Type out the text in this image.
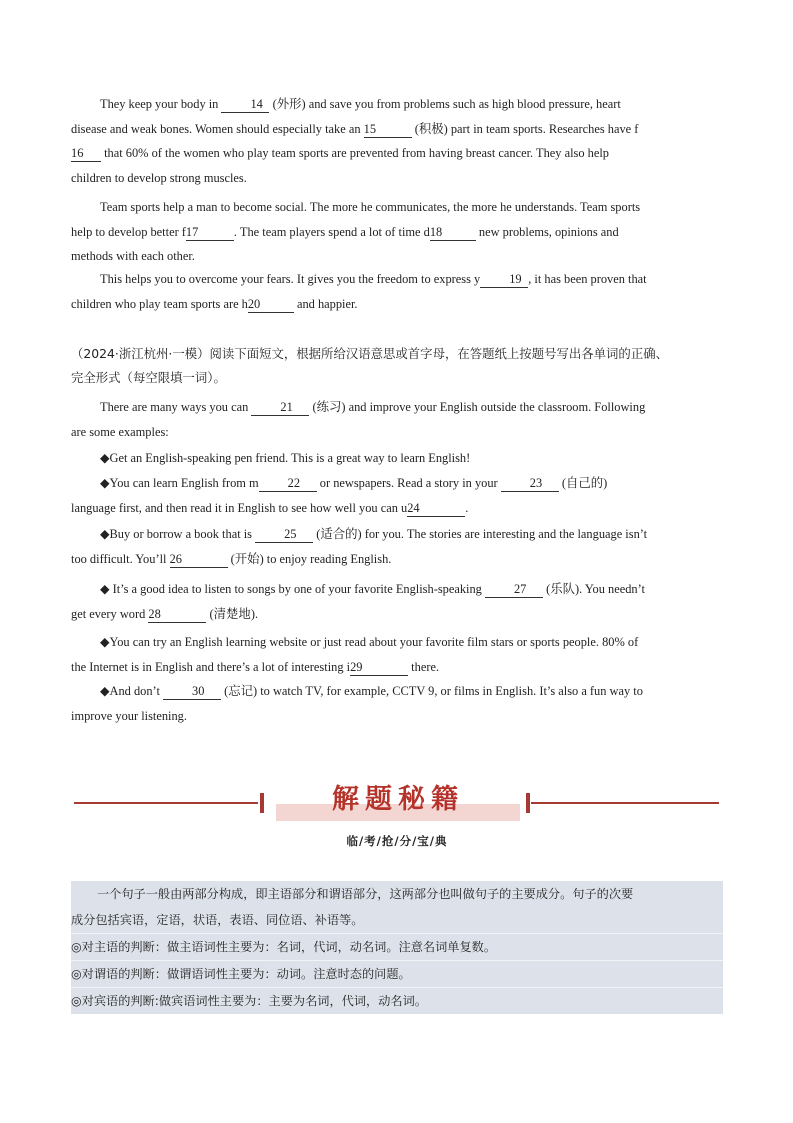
They keep your body in 14 (外形) and save you from problems such as high blood pressure, heart
disease and weak bones. Women should especially take an 15	(积极) part in team sports. Researches have f
16 that 60% of the women who play team sports are prevented from having breast cancer. They also help
children to develop strong muscles.
Team sports help a man to become social. The more he communicates, the more he understands. Team sports
help to develop better f17	. The team players spend a lot of time d18	new problems, opinions and
methods with each other.
This helps you to overcome your fears. It gives you the freedom to express y 19 , it has been proven that
children who play team sports are h20	and happier.
（2024·浙江杭州·一模）阅读下面短文，根据所给汉语意思或首字母，在答题纸上按题号写出各单词的正确、
完全形式（每空限填一词）。
There are many ways you can 21 (练习) and improve your English outside the classroom. Following
are some examples:
◆Get an English-speaking pen friend. This is a great way to learn English!
◆You can learn English from m 22 or newspapers. Read a story in your 23 (自己的)
language first, and then read it in English to see how well you can u24	.
◆Buy or borrow a book that is 25 (适合的) for you. The stories are interesting and the language isn’t
too difficult. You’ll 26	(开始) to enjoy reading English.
◆ It’s a good idea to listen to songs by one of your favorite English-speaking 27 (乐队). You needn’t
get every word 28	(清楚地).
◆You can try an English learning website or just read about your favorite film stars or sports people. 80% of
the Internet is in English and there’s a lot of interesting i29	there.
◆And don’t 30 (忘记) to watch TV, for example, CCTV 9, or films in English. It’s also a fun way to
improve your listening.
解题秘籍
临/考/抢/分/宝/典
一个句子一般由两部分构成，即主语部分和谓语部分，这两部分也叫做句子的主要成分。句子的次要
成分包括宾语，定语，状语，表语、同位语、补语等。
◎对主语的判断：做主语词性主要为：名词，代词，动名词。注意名词单复数。
◎对谓语的判断：做谓语词性主要为：动词。注意时态的问题。
◎对宾语的判断:做宾语词性主要为：主要为名词，代词，动名词。
